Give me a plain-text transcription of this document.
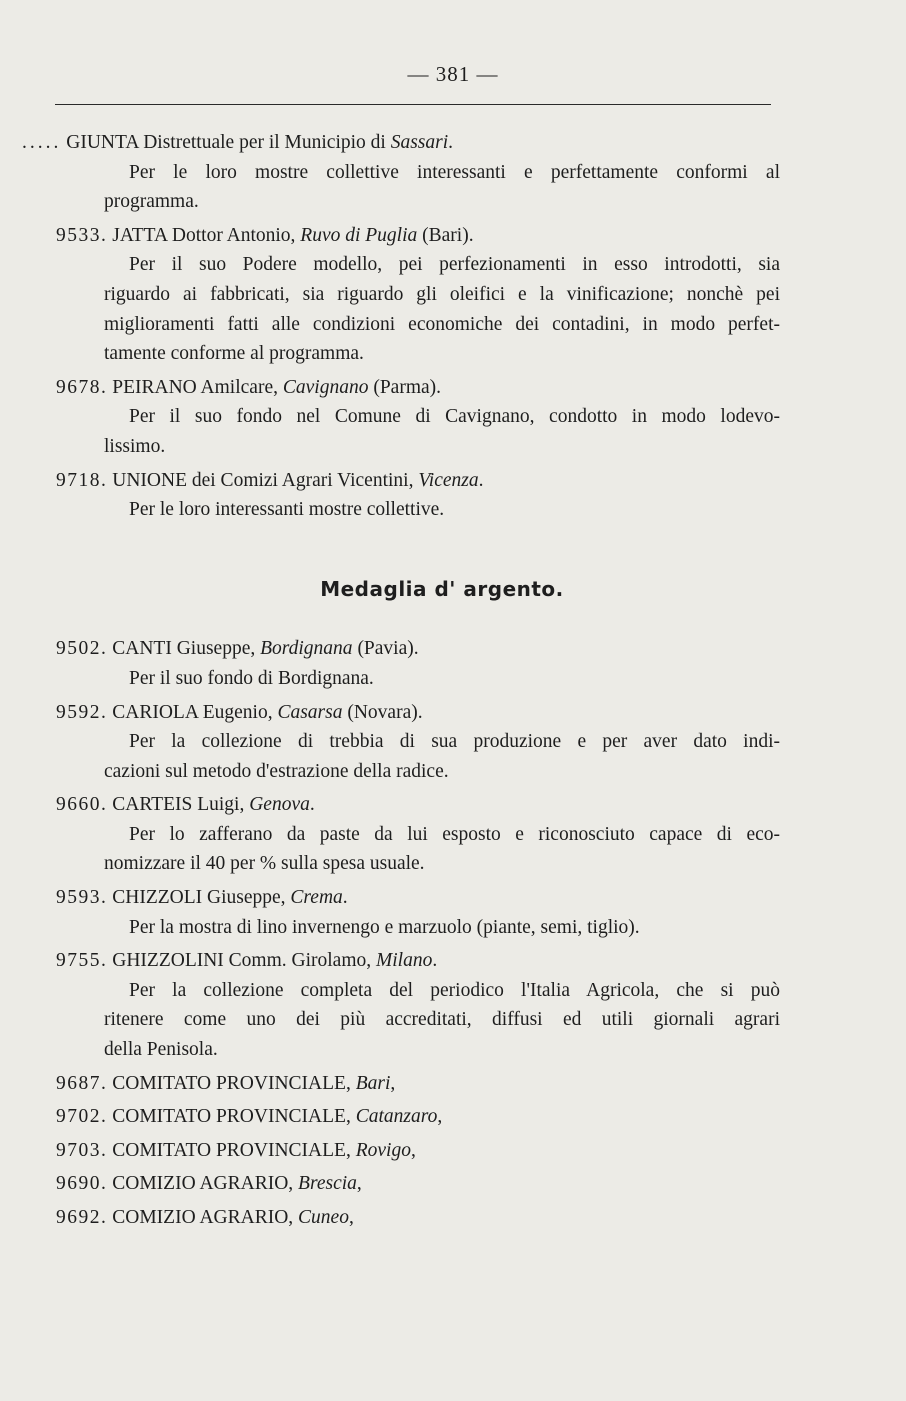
— 381 —
..... GIUNTA Distrettuale per il Municipio di Sassari.
Per le loro mostre collettive interessanti e perfettamente conformi al
programma.
9533. JATTA Dottor Antonio, Ruvo di Puglia (Bari).
Per il suo Podere modello, pei perfezionamenti in esso introdotti, sia
riguardo ai fabbricati, sia riguardo gli oleifici e la vinificazione; nonchè pei
miglioramenti fatti alle condizioni economiche dei contadini, in modo perfet-
tamente conforme al programma.
9678. PEIRANO Amilcare, Cavignano (Parma).
Per il suo fondo nel Comune di Cavignano, condotto in modo lodevo-
lissimo.
9718. UNIONE dei Comizi Agrari Vicentini, Vicenza.
Per le loro interessanti mostre collettive.
Medaglia d' argento.
9502. CANTI Giuseppe, Bordignana (Pavia).
Per il suo fondo di Bordignana.
9592. CARIOLA Eugenio, Casarsa (Novara).
Per la collezione di trebbia di sua produzione e per aver dato indi-
cazioni sul metodo d'estrazione della radice.
9660. CARTEIS Luigi, Genova.
Per lo zafferano da paste da lui esposto e riconosciuto capace di eco-
nomizzare il 40 per % sulla spesa usuale.
9593. CHIZZOLI Giuseppe, Crema.
Per la mostra di lino invernengo e marzuolo (piante, semi, tiglio).
9755. GHIZZOLINI Comm. Girolamo, Milano.
Per la collezione completa del periodico l'Italia Agricola, che si può
ritenere come uno dei più accreditati, diffusi ed utili giornali agrari
della Penisola.
9687. COMITATO PROVINCIALE, Bari,
9702. COMITATO PROVINCIALE, Catanzaro,
9703. COMITATO PROVINCIALE, Rovigo,
9690. COMIZIO AGRARIO, Brescia,
9692. COMIZIO AGRARIO, Cuneo,
